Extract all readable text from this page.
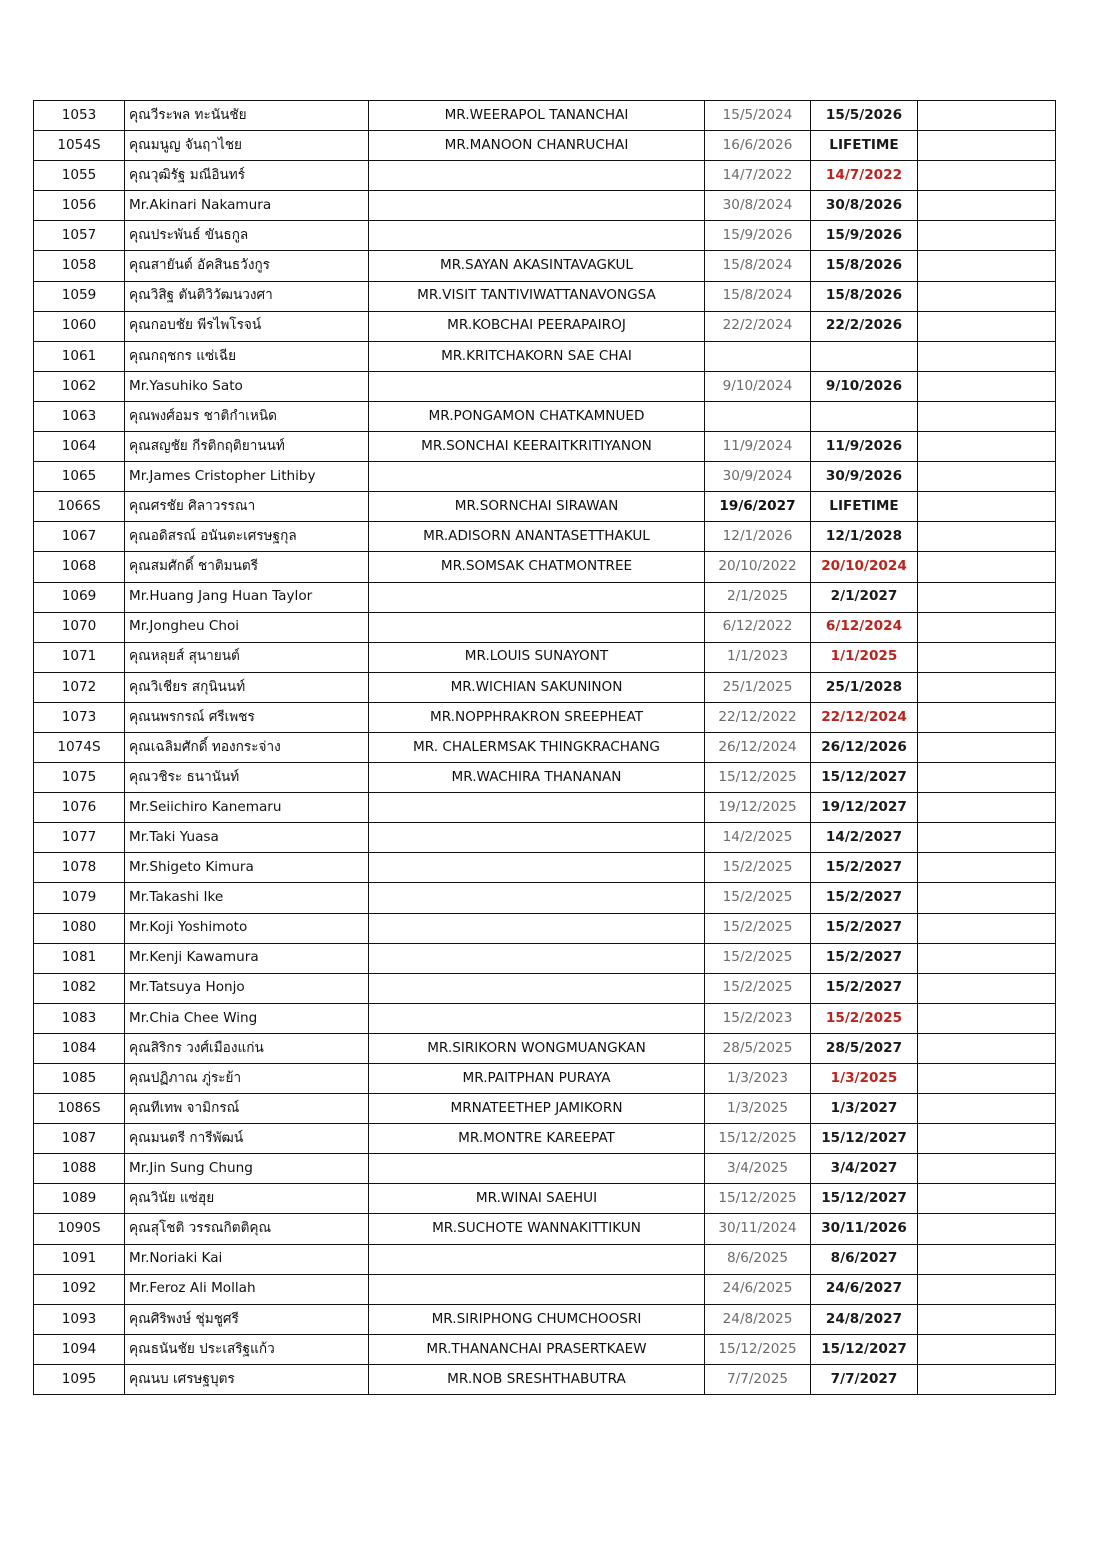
1053	คุณวีระพล ทะนันชัย	MR.WEERAPOL TANANCHAI	15/5/2024	15/5/2026	
1054S	คุณมนูญ จันฤาไชย	MR.MANOON CHANRUCHAI	16/6/2026	LIFETIME	
1055	คุณวุฒิรัฐ มณีอินทร์		14/7/2022	14/7/2022	
1056	Mr.Akinari Nakamura		30/8/2024	30/8/2026	
1057	คุณประพันธ์ ขันธกูล		15/9/2026	15/9/2026	
1058	คุณสายันต์ อัคสินธวังกูร	MR.SAYAN AKASINTAVAGKUL	15/8/2024	15/8/2026	
1059	คุณวิสิฐ ตันติวิวัฒนวงศา	MR.VISIT TANTIVIWATTANAVONGSA	15/8/2024	15/8/2026	
1060	คุณกอบชัย พีรไพโรจน์	MR.KOBCHAI PEERAPAIROJ	22/2/2024	22/2/2026	
1061	คุณกฤชกร แซ่เฉีย	MR.KRITCHAKORN SAE CHAI			
1062	Mr.Yasuhiko Sato		9/10/2024	9/10/2026	
1063	คุณพงศ์อมร ชาติกำเหนิด	MR.PONGAMON CHATKAMNUED			
1064	คุณสญชัย กีรติกฤติยานนท์	MR.SONCHAI KEERAITKRITIYANON	11/9/2024	11/9/2026	
1065	Mr.James Cristopher Lithiby		30/9/2024	30/9/2026	
1066S	คุณศรชัย ศิลาวรรณา	MR.SORNCHAI SIRAWAN	19/6/2027	LIFETIME	
1067	คุณอดิสรณ์ อนันตะเศรษฐกุล	MR.ADISORN ANANTASETTHAKUL	12/1/2026	12/1/2028	
1068	คุณสมศักดิ์ ชาติมนตรี	MR.SOMSAK CHATMONTREE	20/10/2022	20/10/2024	
1069	Mr.Huang Jang Huan Taylor		2/1/2025	2/1/2027	
1070	Mr.Jongheu Choi		6/12/2022	6/12/2024	
1071	คุณหลุยส์ สุนายนต์	MR.LOUIS SUNAYONT	1/1/2023	1/1/2025	
1072	คุณวิเชียร สกุนินนท์	MR.WICHIAN SAKUNINON	25/1/2025	25/1/2028	
1073	คุณนพรกรณ์ ศรีเพชร	MR.NOPPHRAKRON SREEPHEAT	22/12/2022	22/12/2024	
1074S	คุณเฉลิมศักดิ์ ทองกระจ่าง	MR. CHALERMSAK THINGKRACHANG	26/12/2024	26/12/2026	
1075	คุณวชิระ ธนานันท์	MR.WACHIRA THANANAN	15/12/2025	15/12/2027	
1076	Mr.Seiichiro Kanemaru		19/12/2025	19/12/2027	
1077	Mr.Taki Yuasa		14/2/2025	14/2/2027	
1078	Mr.Shigeto Kimura		15/2/2025	15/2/2027	
1079	Mr.Takashi Ike		15/2/2025	15/2/2027	
1080	Mr.Koji Yoshimoto		15/2/2025	15/2/2027	
1081	Mr.Kenji Kawamura		15/2/2025	15/2/2027	
1082	Mr.Tatsuya Honjo		15/2/2025	15/2/2027	
1083	Mr.Chia Chee Wing		15/2/2023	15/2/2025	
1084	คุณสิริกร วงศ์เมืองแก่น	MR.SIRIKORN WONGMUANGKAN	28/5/2025	28/5/2027	
1085	คุณปฏิภาณ ภู่ระย้า	MR.PAITPHAN PURAYA	1/3/2023	1/3/2025	
1086S	คุณทีเทพ จามิกรณ์	MRNATEETHEP JAMIKORN	1/3/2025	1/3/2027	
1087	คุณมนตรี การีพัฒน์	MR.MONTRE KAREEPAT	15/12/2025	15/12/2027	
1088	Mr.Jin Sung Chung		3/4/2025	3/4/2027	
1089	คุณวินัย แซ่ฮุย	MR.WINAI SAEHUI	15/12/2025	15/12/2027	
1090S	คุณสุโชติ วรรณกิตติคุณ	MR.SUCHOTE WANNAKITTIKUN	30/11/2024	30/11/2026	
1091	Mr.Noriaki Kai		8/6/2025	8/6/2027	
1092	Mr.Feroz Ali Mollah		24/6/2025	24/6/2027	
1093	คุณศิริพงษ์ ชุ่มชูศรี	MR.SIRIPHONG CHUMCHOOSRI	24/8/2025	24/8/2027	
1094	คุณธนันชัย ประเสริฐแก้ว	MR.THANANCHAI PRASERTKAEW	15/12/2025	15/12/2027	
1095	คุณนบ เศรษฐบุตร	MR.NOB SRESHTHABUTRA	7/7/2025	7/7/2027	
